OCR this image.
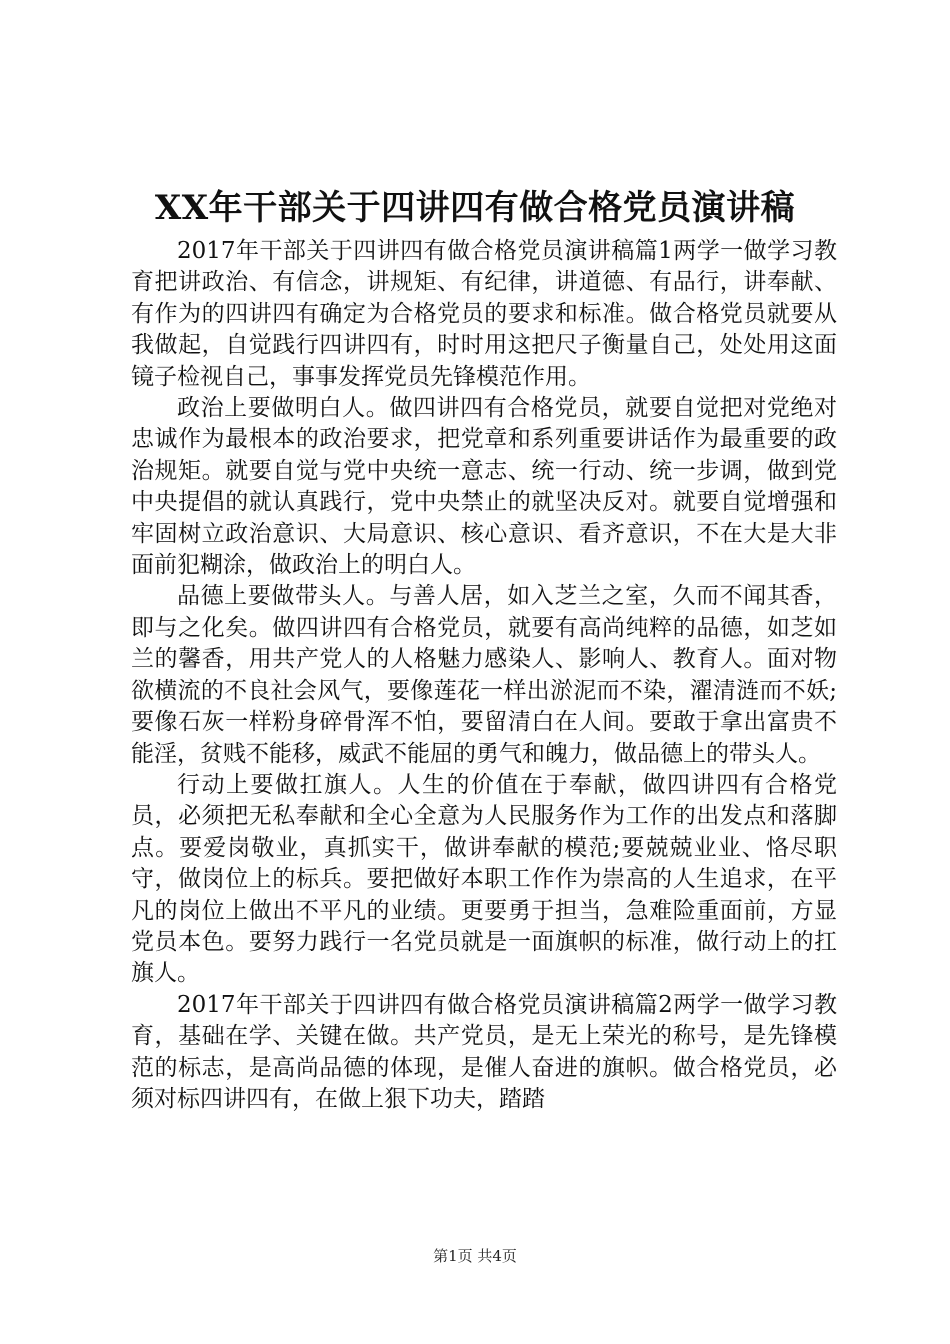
XX年干部关于四讲四有做合格党员演讲稿

2017年干部关于四讲四有做合格党员演讲稿篇1两学一做学习教育把讲政治、有信念，讲规矩、有纪律，讲道德、有品行，讲奉献、有作为的四讲四有确定为合格党员的要求和标准。做合格党员就要从我做起，自觉践行四讲四有，时时用这把尺子衡量自己，处处用这面镜子检视自己，事事发挥党员先锋模范作用。

政治上要做明白人。做四讲四有合格党员，就要自觉把对党绝对忠诚作为最根本的政治要求，把党章和系列重要讲话作为最重要的政治规矩。就要自觉与党中央统一意志、统一行动、统一步调，做到党中央提倡的就认真践行，党中央禁止的就坚决反对。就要自觉增强和牢固树立政治意识、大局意识、核心意识、看齐意识，不在大是大非面前犯糊涂，做政治上的明白人。

品德上要做带头人。与善人居，如入芝兰之室，久而不闻其香，即与之化矣。做四讲四有合格党员，就要有高尚纯粹的品德，如芝如兰的馨香，用共产党人的人格魅力感染人、影响人、教育人。面对物欲横流的不良社会风气，要像莲花一样出淤泥而不染，濯清涟而不妖;要像石灰一样粉身碎骨浑不怕，要留清白在人间。要敢于拿出富贵不能淫，贫贱不能移，威武不能屈的勇气和魄力，做品德上的带头人。

行动上要做扛旗人。人生的价值在于奉献，做四讲四有合格党员，必须把无私奉献和全心全意为人民服务作为工作的出发点和落脚点。要爱岗敬业，真抓实干，做讲奉献的模范;要兢兢业业、恪尽职守，做岗位上的标兵。要把做好本职工作作为崇高的人生追求，在平凡的岗位上做出不平凡的业绩。更要勇于担当，急难险重面前，方显党员本色。要努力践行一名党员就是一面旗帜的标准，做行动上的扛旗人。

2017年干部关于四讲四有做合格党员演讲稿篇2两学一做学习教育，基础在学、关键在做。共产党员，是无上荣光的称号，是先锋模范的标志，是高尚品德的体现，是催人奋进的旗帜。做合格党员，必须对标四讲四有，在做上狠下功夫，踏踏

第1页 共4页
